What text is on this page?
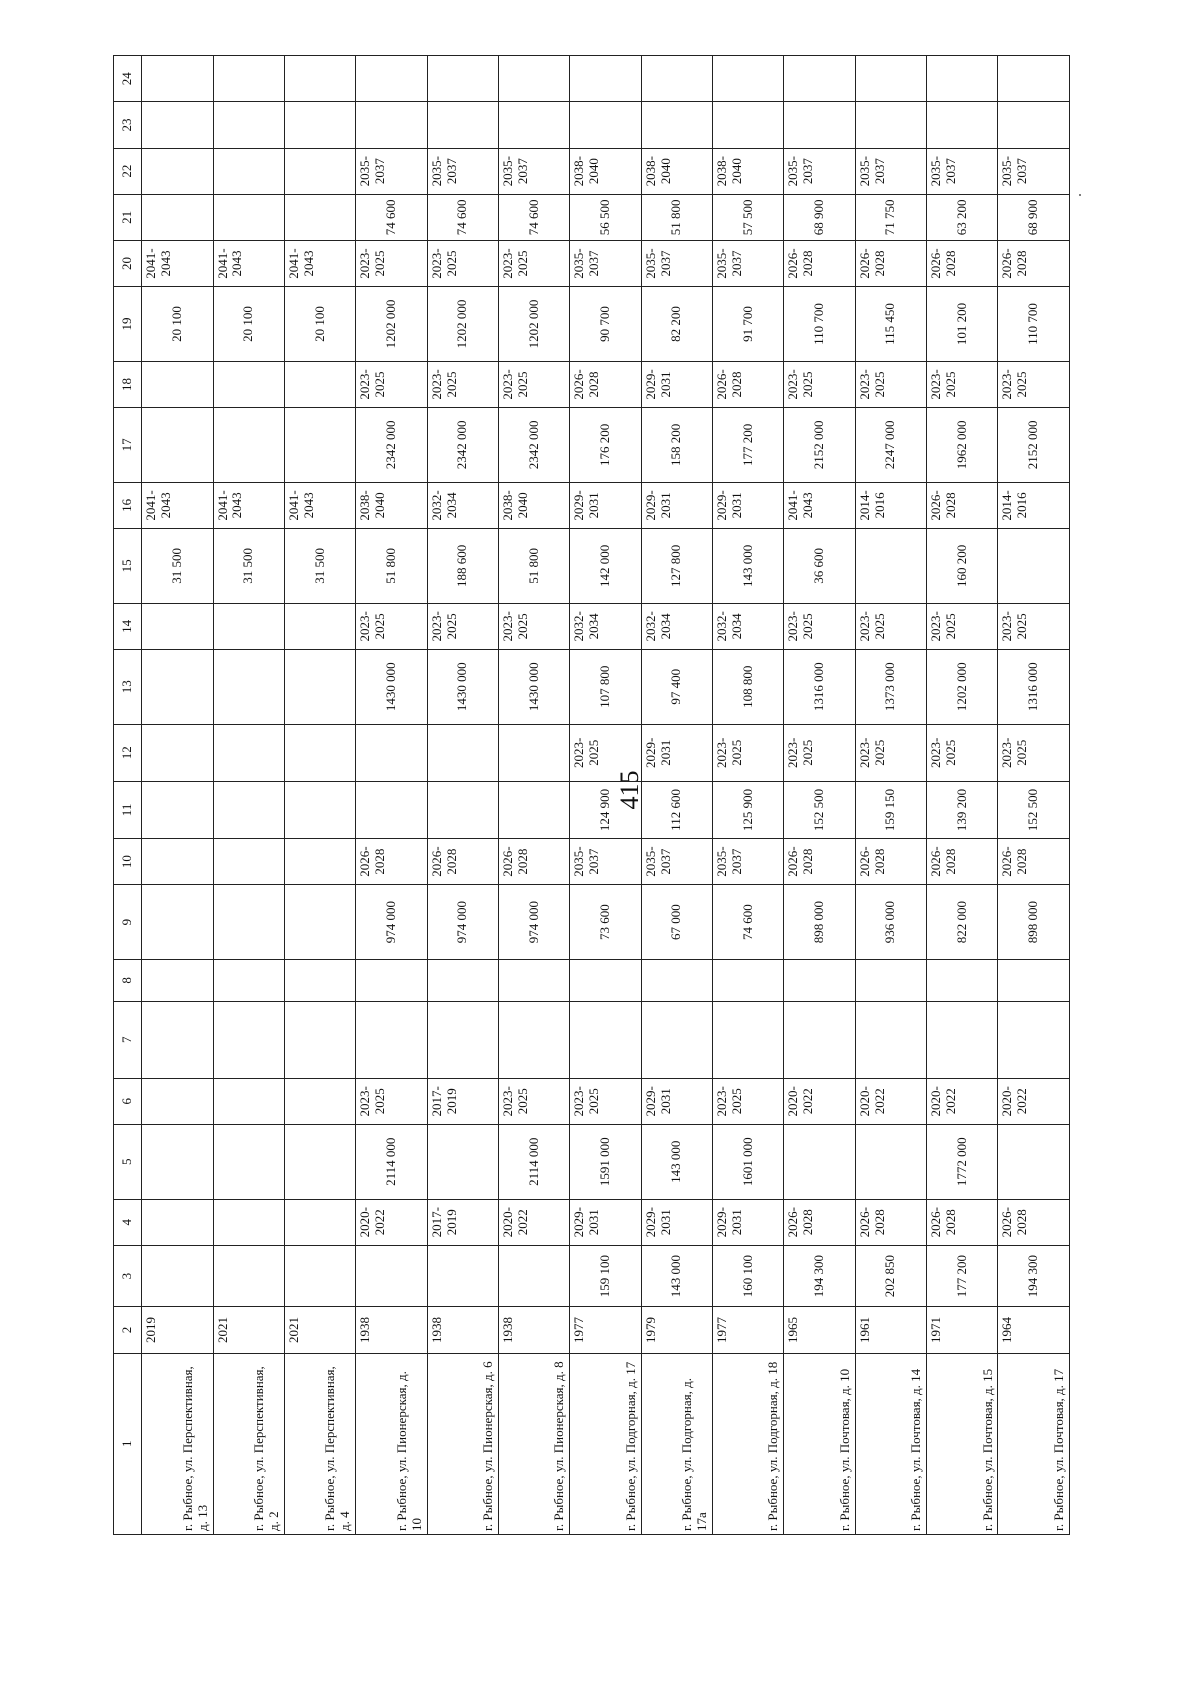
415
1	2	3	4	5	6	7	8	9	10	11	12	13	14	15	16	17	18	19	20	21	22	23	24
г. Рыбное, ул. Перспективная, д. 13	2019													31 500	2041-2043			20 100	2041-2043				
г. Рыбное, ул. Перспективная, д. 2	2021													31 500	2041-2043			20 100	2041-2043				
г. Рыбное, ул. Перспективная, д. 4	2021													31 500	2041-2043			20 100	2041-2043				
г. Рыбное, ул. Пионерская, д. 10	1938		2020-2022	2114 000	2023-2025			974 000	2026-2028			1430 000	2023-2025	51 800	2038-2040	2342 000	2023-2025	1202 000	2023-2025	74 600	2035-2037		
г. Рыбное, ул. Пионерская, д. 6	1938		2017-2019		2017-2019			974 000	2026-2028			1430 000	2023-2025	188 600	2032-2034	2342 000	2023-2025	1202 000	2023-2025	74 600	2035-2037		
г. Рыбное, ул. Пионерская, д. 8	1938		2020-2022	2114 000	2023-2025			974 000	2026-2028			1430 000	2023-2025	51 800	2038-2040	2342 000	2023-2025	1202 000	2023-2025	74 600	2035-2037		
г. Рыбное, ул. Подгорная, д. 17	1977	159 100	2029-2031	1591 000	2023-2025			73 600	2035-2037	124 900	2023-2025	107 800	2032-2034	142 000	2029-2031	176 200	2026-2028	90 700	2035-2037	56 500	2038-2040		
г. Рыбное, ул. Подгорная, д. 17а	1979	143 000	2029-2031	143 000	2029-2031			67 000	2035-2037	112 600	2029-2031	97 400	2032-2034	127 800	2029-2031	158 200	2029-2031	82 200	2035-2037	51 800	2038-2040		
г. Рыбное, ул. Подгорная, д. 18	1977	160 100	2029-2031	1601 000	2023-2025			74 600	2035-2037	125 900	2023-2025	108 800	2032-2034	143 000	2029-2031	177 200	2026-2028	91 700	2035-2037	57 500	2038-2040		
г. Рыбное, ул. Почтовая, д. 10	1965	194 300	2026-2028		2020-2022			898 000	2026-2028	152 500	2023-2025	1316 000	2023-2025	36 600	2041-2043	2152 000	2023-2025	110 700	2026-2028	68 900	2035-2037		
г. Рыбное, ул. Почтовая, д. 14	1961	202 850	2026-2028		2020-2022			936 000	2026-2028	159 150	2023-2025	1373 000	2023-2025		2014-2016	2247 000	2023-2025	115 450	2026-2028	71 750	2035-2037		
г. Рыбное, ул. Почтовая, д. 15	1971	177 200	2026-2028	1772 000	2020-2022			822 000	2026-2028	139 200	2023-2025	1202 000	2023-2025	160 200	2026-2028	1962 000	2023-2025	101 200	2026-2028	63 200	2035-2037		
г. Рыбное, ул. Почтовая, д. 17	1964	194 300	2026-2028		2020-2022			898 000	2026-2028	152 500	2023-2025	1316 000	2023-2025		2014-2016	2152 000	2023-2025	110 700	2026-2028	68 900	2035-2037		
